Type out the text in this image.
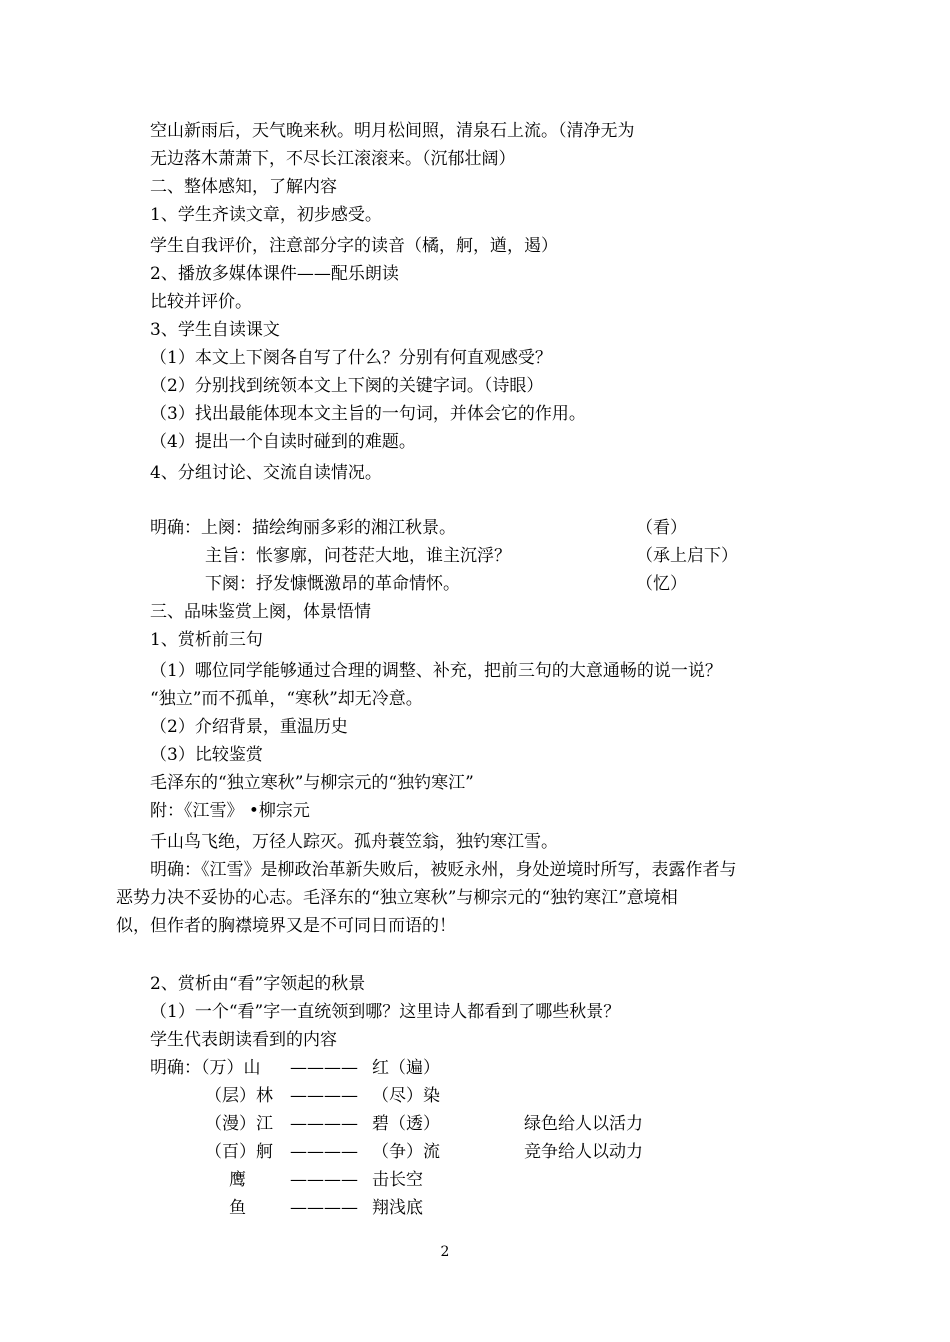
空山新雨后，天气晚来秋。明月松间照，清泉石上流。（清净无为
无边落木萧萧下，不尽长江滚滚来。（沉郁壮阔）
二、整体感知，了解内容
1、学生齐读文章，初步感受。
学生自我评价，注意部分字的读音（橘，舸，遒，遏）
2、播放多媒体课件——配乐朗读
比较并评价。
3、学生自读课文
（1）本文上下阕各自写了什么？分别有何直观感受？
（2）分别找到统领本文上下阕的关键字词。（诗眼）
（3）找出最能体现本文主旨的一句词，并体会它的作用。
（4）提出一个自读时碰到的难题。
4、分组讨论、交流自读情况。
明确：上阕：描绘绚丽多彩的湘江秋景。	（看）
主旨：怅寥廓，问苍茫大地，谁主沉浮？	（承上启下）
下阕：抒发慷慨激昂的革命情怀。	（忆）
三、品味鉴赏上阕，体景悟情
1、赏析前三句
（1）哪位同学能够通过合理的调整、补充，把前三句的大意通畅的说一说？
“独立”而不孤单，“寒秋”却无冷意。
（2）介绍背景，重温历史
（3）比较鉴赏
毛泽东的“独立寒秋”与柳宗元的“独钓寒江”
附：《江雪》 •柳宗元
千山鸟飞绝，万径人踪灭。孤舟蓑笠翁，独钓寒江雪。
明确：《江雪》是柳政治革新失败后，被贬永州，身处逆境时所写，表露作者与
恶势力决不妥协的心志。毛泽东的“独立寒秋”与柳宗元的“独钓寒江”意境相
似，但作者的胸襟境界又是不可同日而语的！
2、赏析由“看”字领起的秋景
（1）一个“看”字一直统领到哪？这里诗人都看到了哪些秋景？
学生代表朗读看到的内容
明确：（万）山 ———— 红（遍）
（层）林 ———— （尽）染
（漫）江 ———— 碧（透）	绿色给人以活力
（百）舸 ———— （争）流	竞争给人以动力
鹰	———— 击长空
鱼	———— 翔浅底
2
